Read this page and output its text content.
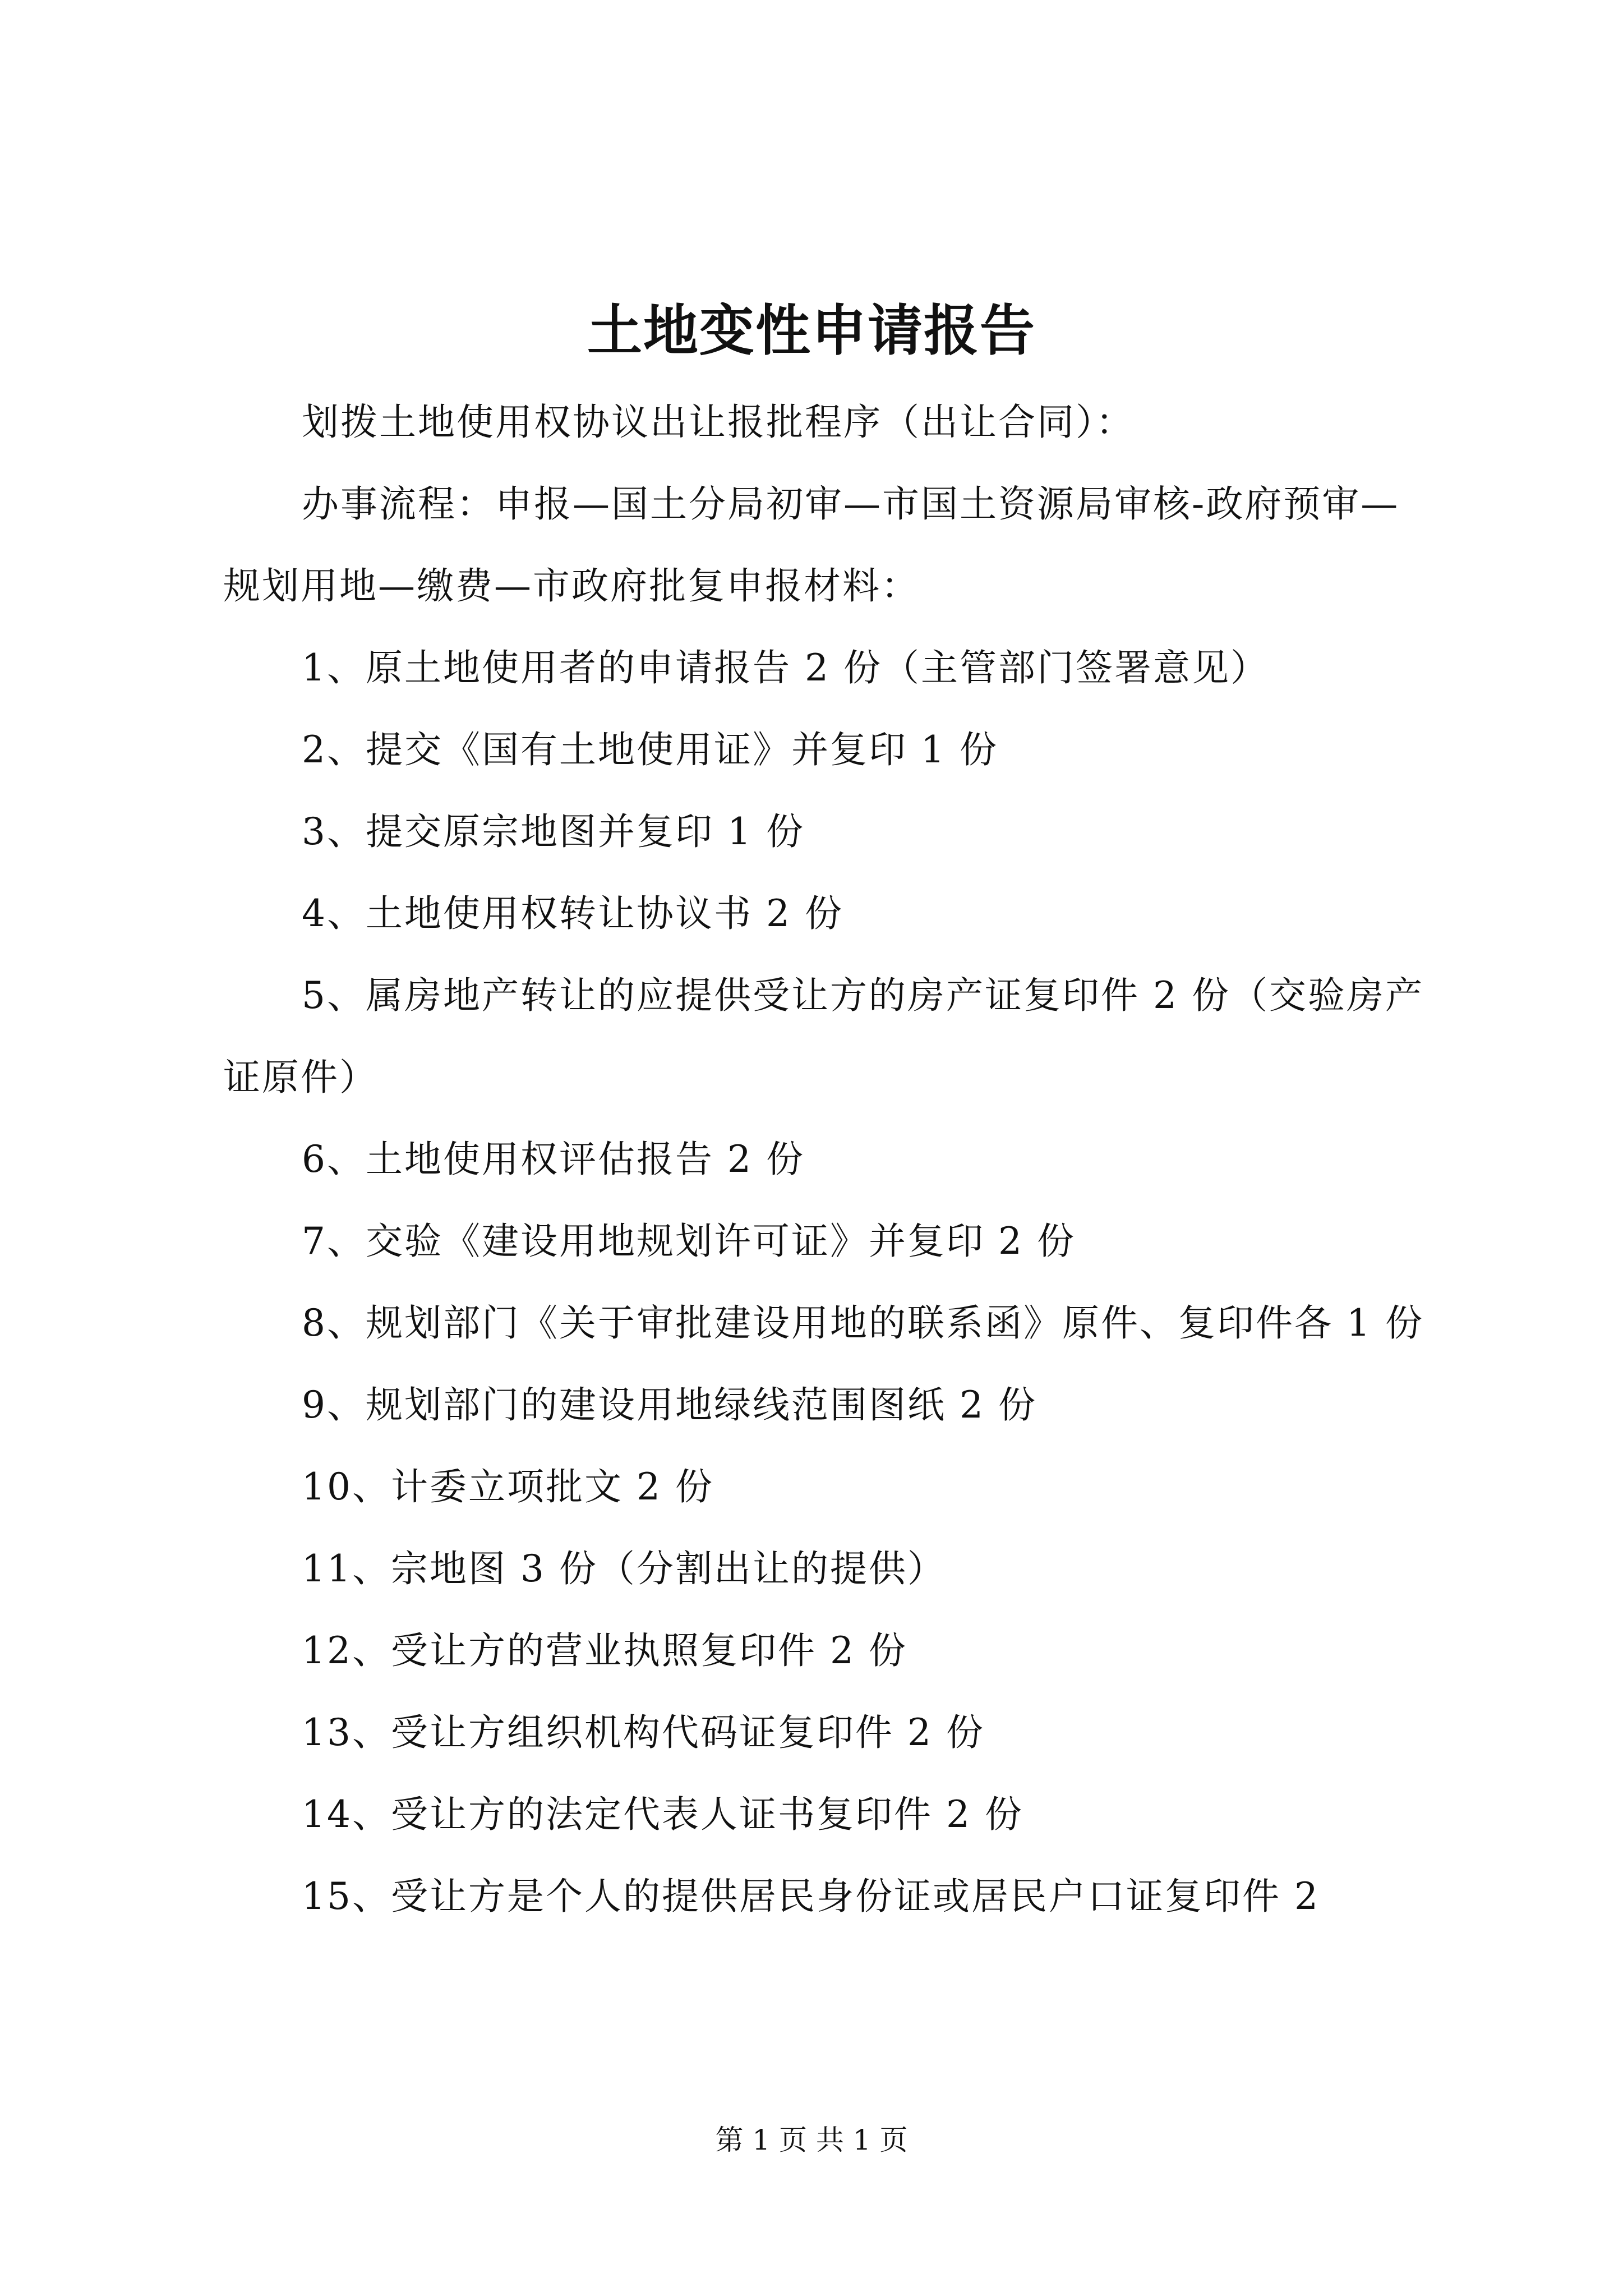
土地变性申请报告

划拨土地使用权协议出让报批程序（出让合同）：

办事流程：申报—国土分局初审—市国土资源局审核-政府预审—规划用地—缴费—市政府批复申报材料：

1、原土地使用者的申请报告 2 份（主管部门签署意见）

2、提交《国有土地使用证》并复印 1 份

3、提交原宗地图并复印 1 份

4、土地使用权转让协议书 2 份

5、属房地产转让的应提供受让方的房产证复印件 2 份（交验房产证原件）

6、土地使用权评估报告 2 份

7、交验《建设用地规划许可证》并复印 2 份

8、规划部门《关于审批建设用地的联系函》原件、复印件各 1 份

9、规划部门的建设用地绿线范围图纸 2 份

10、计委立项批文 2 份

11、宗地图 3 份（分割出让的提供）

12、受让方的营业执照复印件 2 份

13、受让方组织机构代码证复印件 2 份

14、受让方的法定代表人证书复印件 2 份

15、受让方是个人的提供居民身份证或居民户口证复印件 2

第 1 页 共 1 页
